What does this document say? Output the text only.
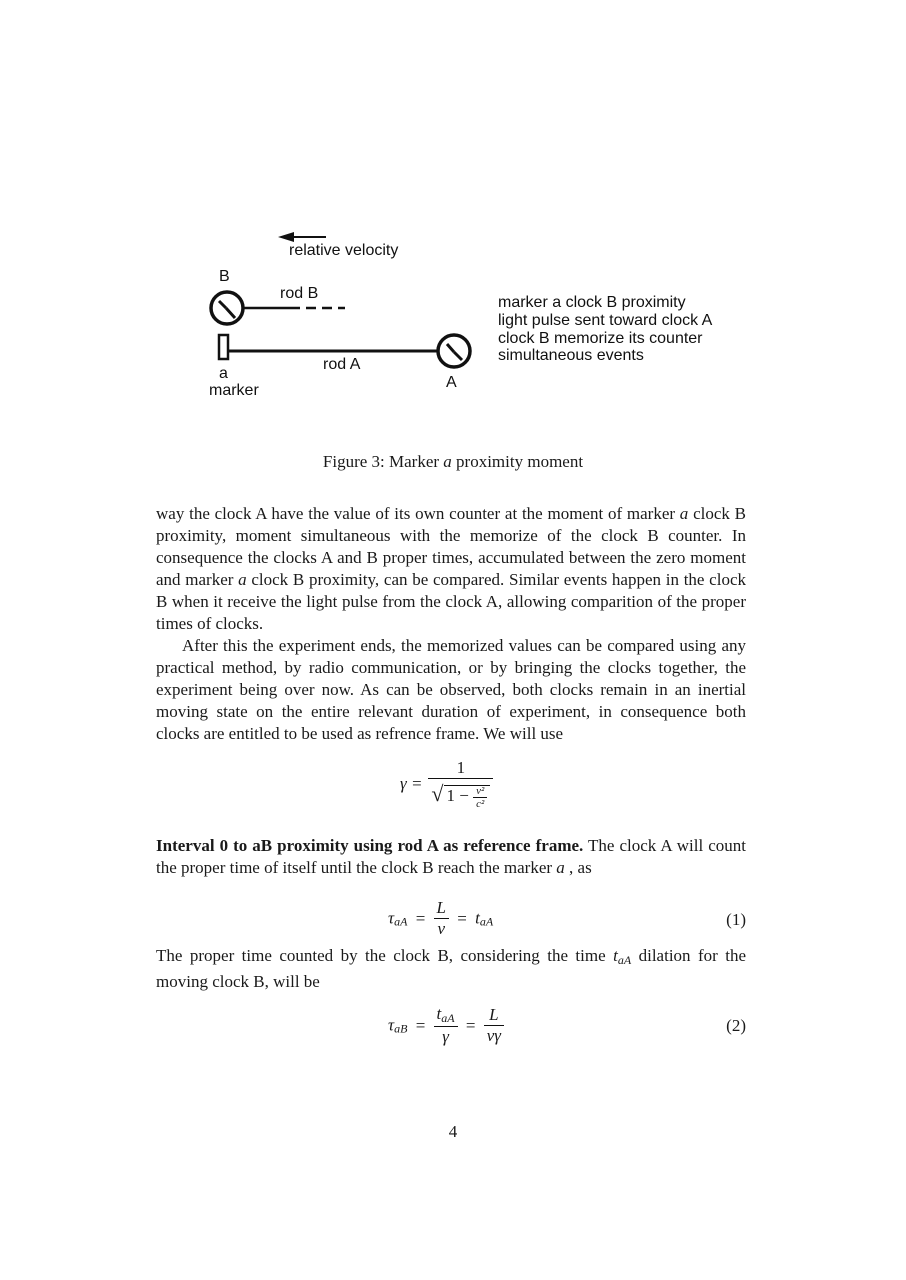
relative velocity
B
rod B
a
marker
rod A
A
marker a clock B proximity
light pulse sent toward clock A
clock B memorize its counter
simultaneous events
Figure 3: Marker a proximity moment

way the clock A have the value of its own counter at the moment of marker a clock B proximity, moment simultaneous with the memorize of the clock B counter. In consequence the clocks A and B proper times, accumulated between the zero moment and marker a clock B proximity, can be compared. Similar events happen in the clock B when it receive the light pulse from the clock A, allowing comparition of the proper times of clocks.

After this the experiment ends, the memorized values can be compared using any practical method, by radio communication, or by bringing the clocks together, the experiment being over now. As can be observed, both clocks remain in an inertial moving state on the entire relevant duration of experiment, in consequence both clocks are entitled to be used as refrence frame. We will use

$\gamma = \frac{1}{√ 1 - \frac{\text{v²}}{\text{c²}}}$

Interval 0 to aB proximity using rod A as reference frame. The clock A will count the proper time of itself until the clock B reach the marker a , as

$\tau_{aA} = \frac{L}{v} = t_{aA}$	(1)

The proper time counted by the clock B, considering the time $t_{aA}$ dilation for the moving clock B, will be

$\tau_{aB} = \frac{t_{aA}}{\gamma} = \frac{L}{v\gamma}$	(2)
4
